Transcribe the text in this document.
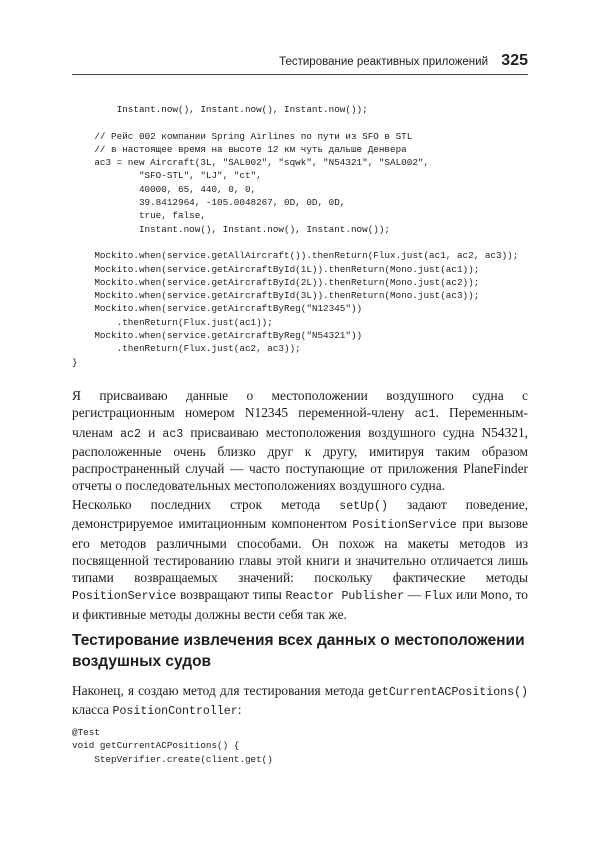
Тестирование реактивных приложений 325
Instant.now(), Instant.now(), Instant.now());

// Рейс 002 компании Spring Airlines по пути из SFO в STL
// в настоящее время на высоте 12 км чуть дальше Денвера
ac3 = new Aircraft(3L, "SAL002", "sqwk", "N54321", "SAL002",
"SFO-STL", "LJ", "ct",
40000, 65, 440, 0, 0,
39.8412964, -105.0048267, 0D, 0D, 0D,
true, false,
Instant.now(), Instant.now(), Instant.now());

Mockito.when(service.getAllAircraft()).thenReturn(Flux.just(ac1, ac2, ac3));
Mockito.when(service.getAircraftById(1L)).thenReturn(Mono.just(ac1));
Mockito.when(service.getAircraftById(2L)).thenReturn(Mono.just(ac2));
Mockito.when(service.getAircraftById(3L)).thenReturn(Mono.just(ac3));
Mockito.when(service.getAircraftByReg("N12345"))
.thenReturn(Flux.just(ac1));
Mockito.when(service.getAircraftByReg("N54321"))
.thenReturn(Flux.just(ac2, ac3));
}

Я присваиваю данные о местоположении воздушного судна с регистрационным номером N12345 переменной-члену ac1. Переменным-членам ac2 и ac3 присваиваю местоположения воздушного судна N54321, расположенные очень близко друг к другу, имитируя таким образом распространенный случай — часто поступающие от приложения PlaneFinder отчеты о последовательных местоположениях воздушного судна.

Несколько последних строк метода setUp() задают поведение, демонстрируемое имитационным компонентом PositionService при вызове его методов различными способами. Он похож на макеты методов из посвященной тестированию главы этой книги и значительно отличается лишь типами возвращаемых значений: поскольку фактические методы PositionService возвращают типы Reactor Publisher — Flux или Mono, то и фиктивные методы должны вести себя так же.

Тестирование извлечения всех данных о местоположении воздушных судов

Наконец, я создаю метод для тестирования метода getCurrentACPositions() класса PositionController:

@Test
void getCurrentACPositions() {
StepVerifier.create(client.get()
